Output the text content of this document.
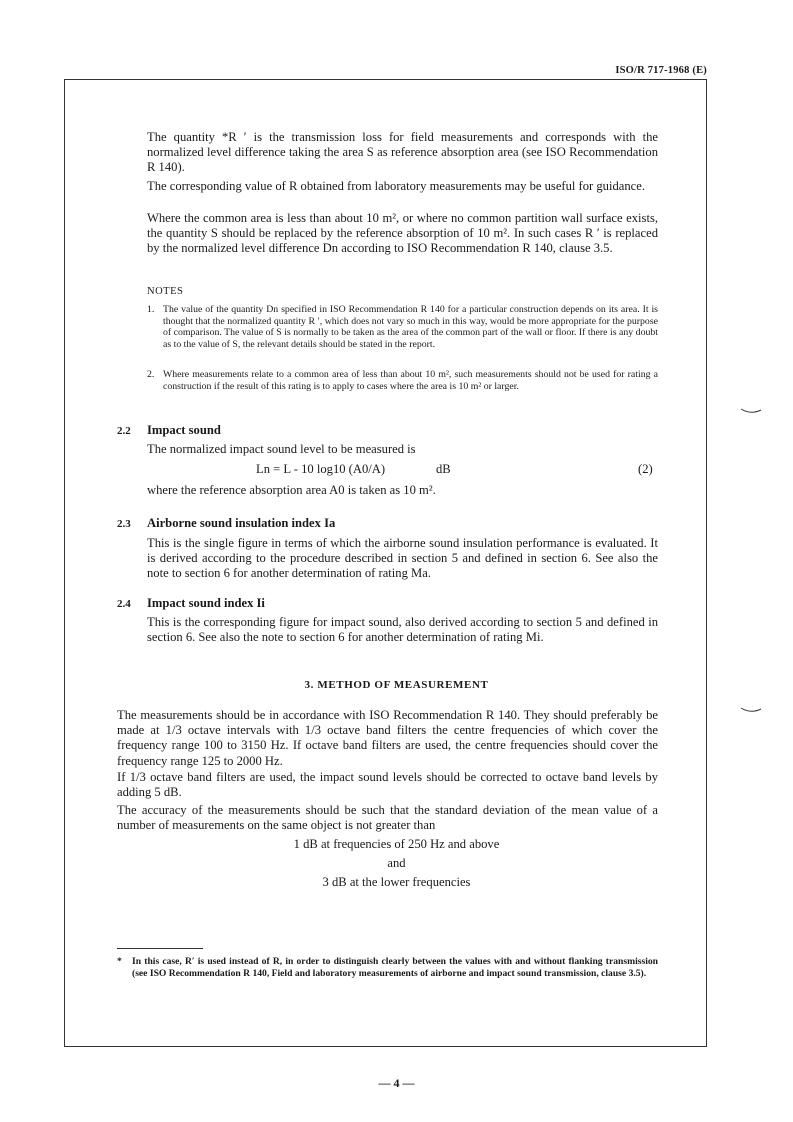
ISO/R 717-1968 (E)
The quantity *R ′ is the transmission loss for field measurements and corresponds with the normalized level difference taking the area S as reference absorption area (see ISO Recommendation R 140).
The corresponding value of R obtained from laboratory measurements may be useful for guidance.
Where the common area is less than about 10 m², or where no common partition wall surface exists, the quantity S should be replaced by the reference absorption of 10 m². In such cases R ′ is replaced by the normalized level difference Dn according to ISO Recommendation R 140, clause 3.5.
NOTES
1. The value of the quantity Dn specified in ISO Recommendation R 140 for a particular construction depends on its area. It is thought that the normalized quantity R ′, which does not vary so much in this way, would be more appropriate for the purpose of comparison. The value of S is normally to be taken as the area of the common part of the wall or floor. If there is any doubt as to the value of S, the relevant details should be stated in the report.
2. Where measurements relate to a common area of less than about 10 m², such measurements should not be used for rating a construction if the result of this rating is to apply to cases where the area is 10 m² or larger.
2.2 Impact sound
The normalized impact sound level to be measured is
Ln = L - 10 log10 (A0/A)	dB	(2)
where the reference absorption area A0 is taken as 10 m².
2.3 Airborne sound insulation index Ia
This is the single figure in terms of which the airborne sound insulation performance is evaluated. It is derived according to the procedure described in section 5 and defined in section 6. See also the note to section 6 for another determination of rating Ma.
2.4 Impact sound index Ii
This is the corresponding figure for impact sound, also derived according to section 5 and defined in section 6. See also the note to section 6 for another determination of rating Mi.
3. METHOD OF MEASUREMENT
The measurements should be in accordance with ISO Recommendation R 140. They should preferably be made at 1/3 octave intervals with 1/3 octave band filters the centre frequencies of which cover the frequency range 100 to 3150 Hz. If octave band filters are used, the centre frequencies should cover the frequency range 125 to 2000 Hz.
If 1/3 octave band filters are used, the impact sound levels should be corrected to octave band levels by adding 5 dB.
The accuracy of the measurements should be such that the standard deviation of the mean value of a number of measurements on the same object is not greater than
1 dB at frequencies of 250 Hz and above
and
3 dB at the lower frequencies
* In this case, R′ is used instead of R, in order to distinguish clearly between the values with and without flanking transmission (see ISO Recommendation R 140, Field and laboratory measurements of airborne and impact sound transmission, clause 3.5).
— 4 —
